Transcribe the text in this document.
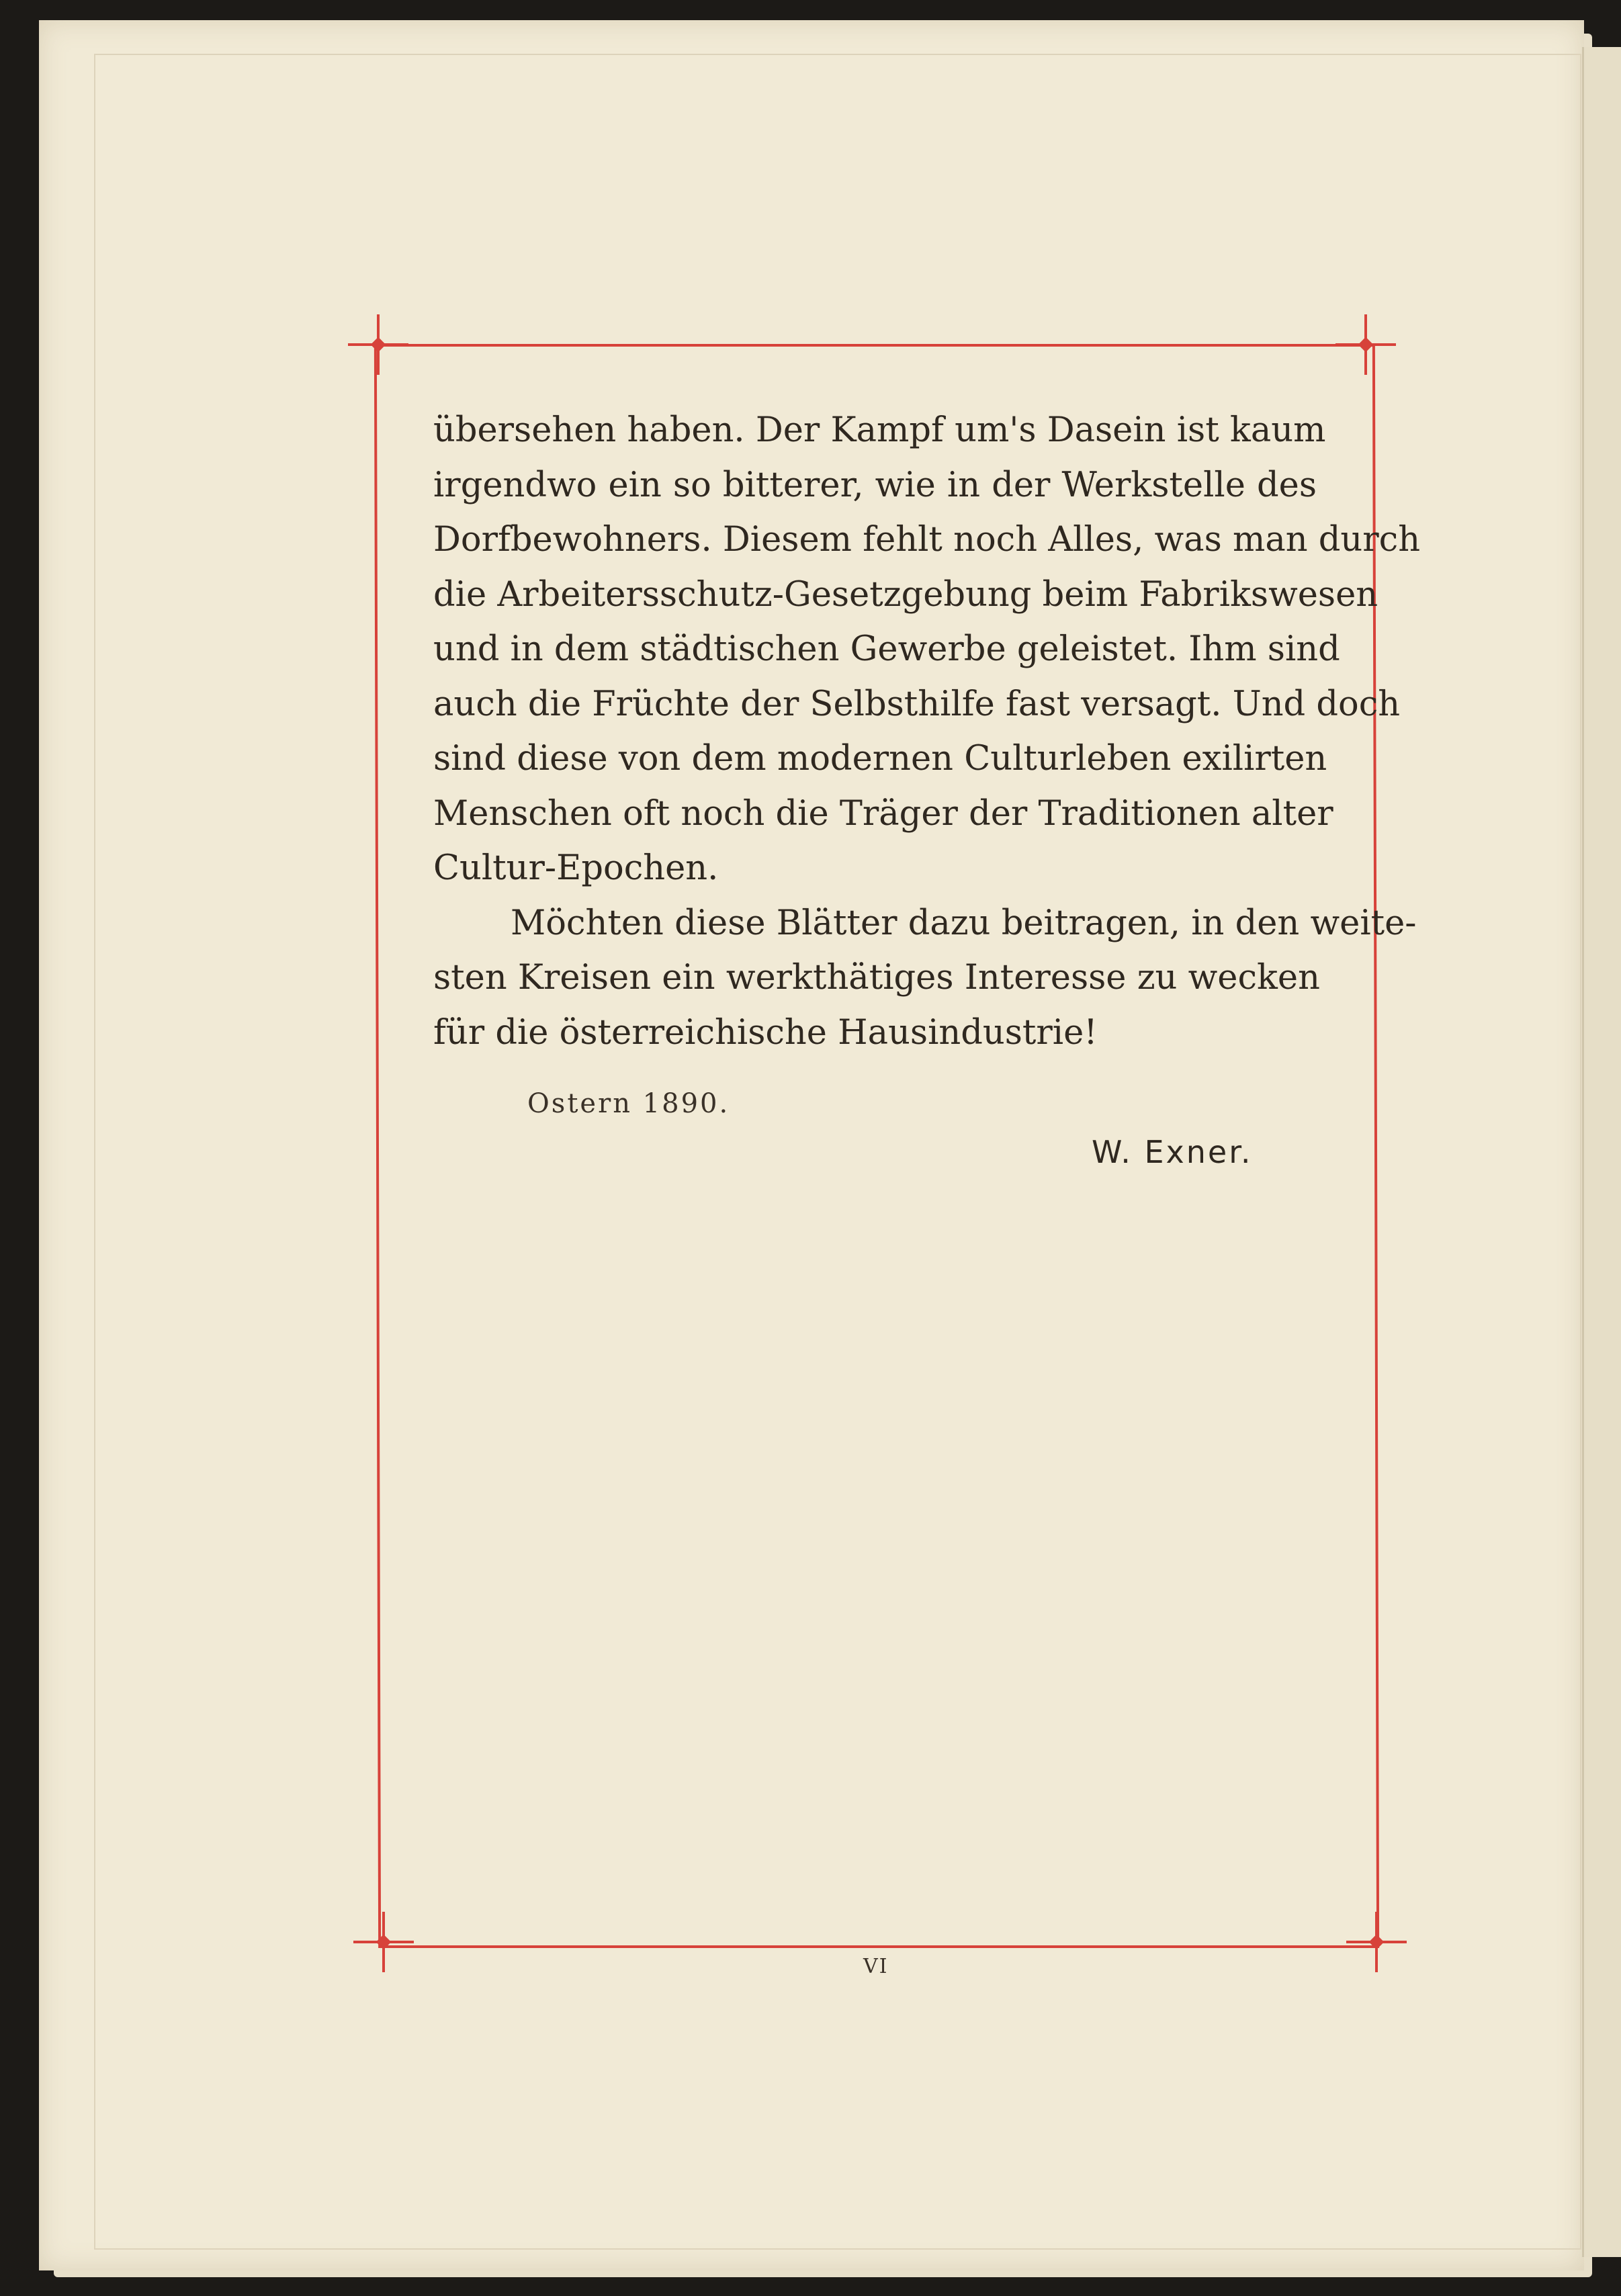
übersehen haben. Der Kampf um's Dasein ist kaum
irgendwo ein so bitterer, wie in der Werkstelle des
Dorfbewohners. Diesem fehlt noch Alles, was man durch
die Arbeitersschutz-Gesetzgebung beim Fabrikswesen
und in dem städtischen Gewerbe geleistet. Ihm sind
auch die Früchte der Selbsthilfe fast versagt. Und doch
sind diese von dem modernen Culturleben exilirten
Menschen oft noch die Träger der Traditionen alter
Cultur-Epochen.

Möchten diese Blätter dazu beitragen, in den weite-
sten Kreisen ein werkthätiges Interesse zu wecken
für die österreichische Hausindustrie!

Ostern 1890.
W. Exner.
VI
